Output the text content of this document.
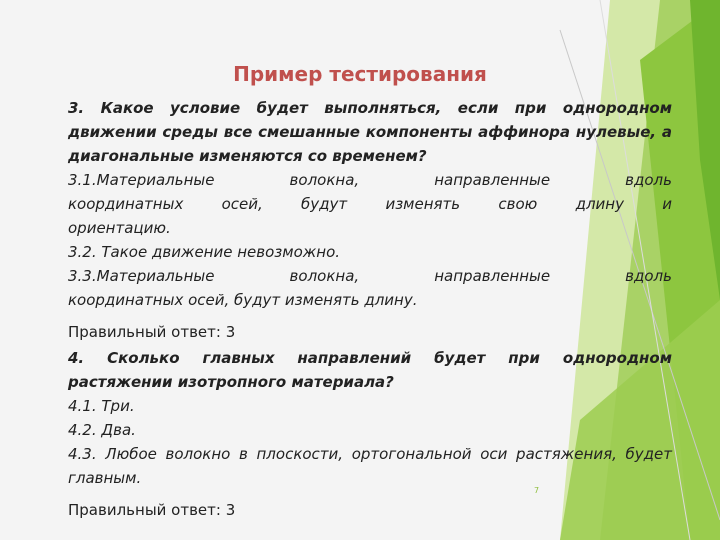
Пример тестирования

3. Какое условие будет выполняться, если при однородном движении среды все смешанные компоненты аффинора нулевые, а диагональные изменяются со временем?

3.1.Материальные волокна, направленные вдоль

координатных осей, будут изменять свою длину и

ориентацию.

3.2. Такое движение невозможно.

3.3.Материальные волокна, направленные вдоль

координатных осей, будут изменять длину.

Правильный ответ: 3

4. Сколько главных направлений будет при однородном растяжении изотропного материала?

4.1. Три.

4.2. Два.

4.3. Любое волокно в плоскости, ортогональной оси растяжения, будет главным.

Правильный ответ: 3

7
